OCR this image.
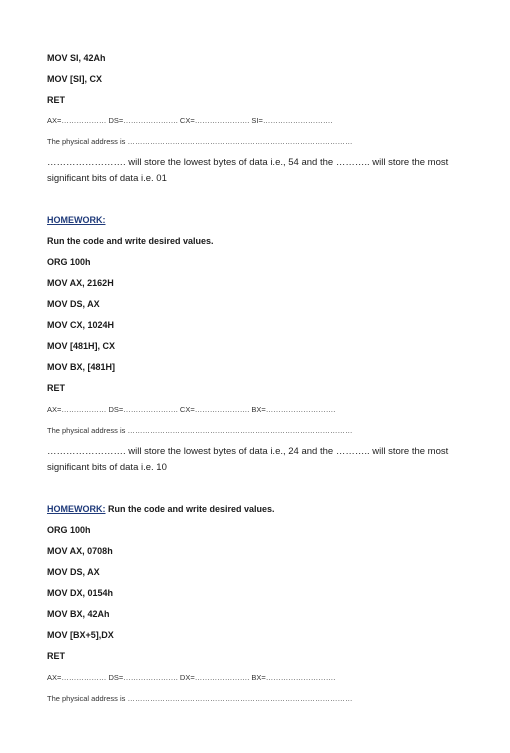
MOV SI, 42Ah
MOV [SI], CX
RET
AX=……………… DS=…………………. CX=…………………. SI=……………………….
The physical address is ………………………………………………………………………………
……………………. will store the lowest bytes of data i.e., 54 and the ……….. will store the most
significant bits of data i.e. 01
HOMEWORK:
Run the code and write desired values.
ORG 100h
MOV AX, 2162H
MOV DS, AX
MOV CX, 1024H
MOV [481H], CX
MOV BX, [481H]
RET
AX=……………… DS=…………………. CX=…………………. BX=……………………….
The physical address is ………………………………………………………………………………
……………………. will store the lowest bytes of data i.e., 24 and the ……….. will store the most
significant bits of data i.e. 10
HOMEWORK: Run the code and write desired values.
ORG 100h
MOV AX, 0708h
MOV DS, AX
MOV DX, 0154h
MOV BX, 42Ah
MOV [BX+5],DX
RET
AX=……………… DS=…………………. DX=…………………. BX=……………………….
The physical address is ………………………………………………………………………………
